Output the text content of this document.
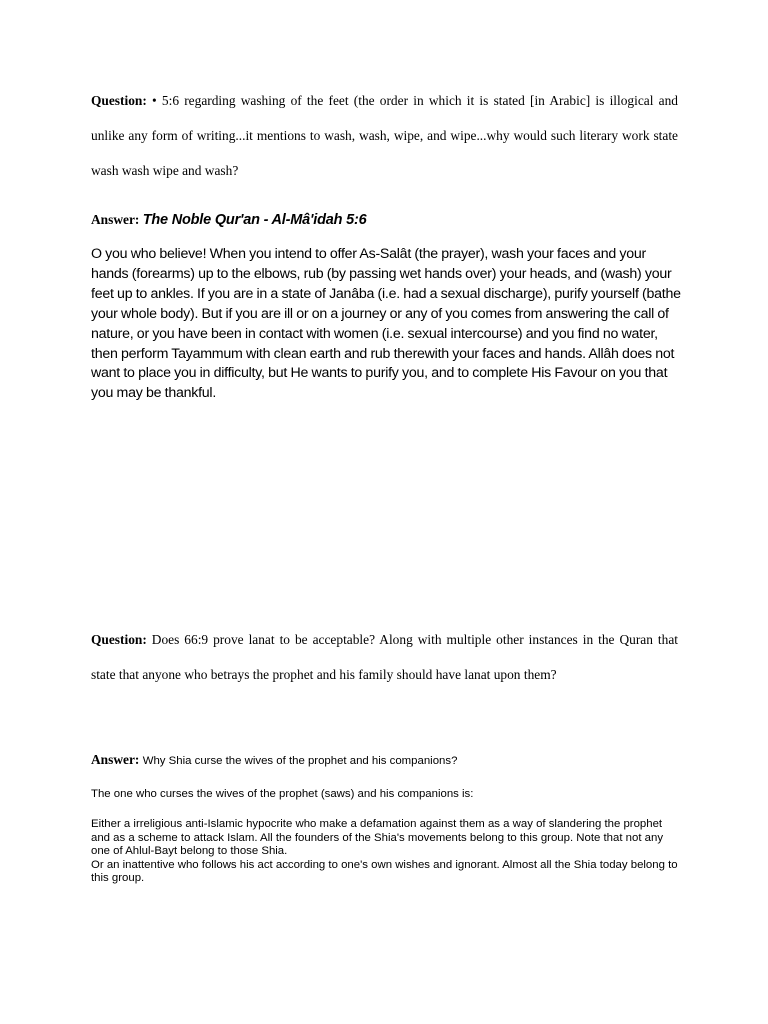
Question: • 5:6 regarding washing of the feet (the order in which it is stated [in Arabic] is illogical and unlike any form of writing...it mentions to wash, wash, wipe, and wipe...why would such literary work state wash wash wipe and wash?
Answer: The Noble Qur'an - Al-Mâ'idah 5:6
O you who believe! When you intend to offer As-Salât (the prayer), wash your faces and your hands (forearms) up to the elbows, rub (by passing wet hands over) your heads, and (wash) your feet up to ankles. If you are in a state of Janâba (i.e. had a sexual discharge), purify yourself (bathe your whole body). But if you are ill or on a journey or any of you comes from answering the call of nature, or you have been in contact with women (i.e. sexual intercourse) and you find no water, then perform Tayammum with clean earth and rub therewith your faces and hands. Allâh does not want to place you in difficulty, but He wants to purify you, and to complete His Favour on you that you may be thankful.
Question: Does 66:9 prove lanat to be acceptable? Along with multiple other instances in the Quran that state that anyone who betrays the prophet and his family should have lanat upon them?
Answer: Why Shia curse the wives of the prophet and his companions?
The one who curses the wives of the prophet (saws) and his companions is:

Either a irreligious anti-Islamic hypocrite who make a defamation against them as a way of slandering the prophet and as a scheme to attack Islam. All the founders of the Shia's movements belong to this group. Note that not any one of Ahlul-Bayt belong to those Shia.

Or an inattentive who follows his act according to one's own wishes and ignorant. Almost all the Shia today belong to this group.
